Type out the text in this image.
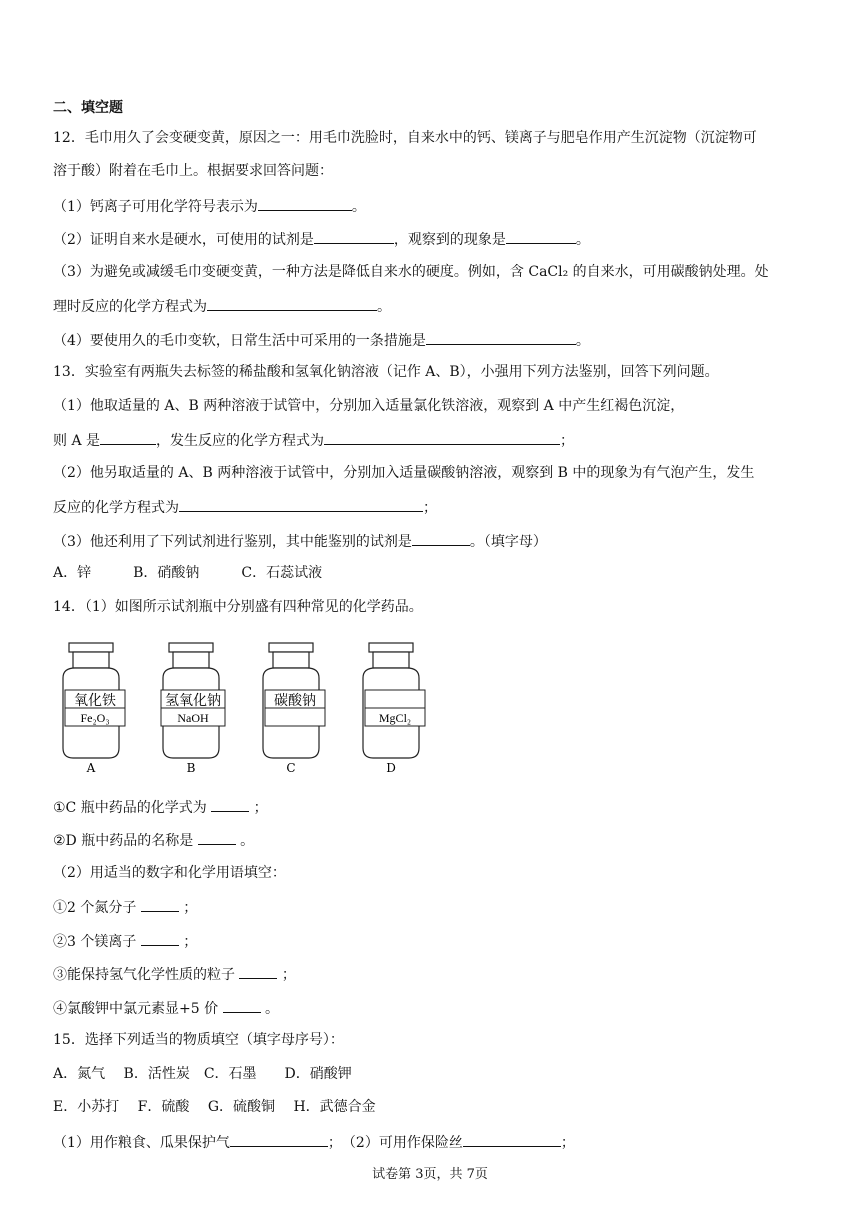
二、填空题
12．毛巾用久了会变硬变黄，原因之一：用毛巾洗脸时，自来水中的钙、镁离子与肥皂作用产生沉淀物（沉淀物可
溶于酸）附着在毛巾上。根据要求回答问题：
（1）钙离子可用化学符号表示为	。
（2）证明自来水是硬水，可使用的试剂是	，观察到的现象是	。
（3）为避免或减缓毛巾变硬变黄，一种方法是降低自来水的硬度。例如，含 CaCl₂ 的自来水，可用碳酸钠处理。处
理时反应的化学方程式为	。
（4）要使用久的毛巾变软，日常生活中可采用的一条措施是	。
13．实验室有两瓶失去标签的稀盐酸和氢氧化钠溶液（记作 A、B），小强用下列方法鉴别，回答下列问题。
（1）他取适量的 A、B 两种溶液于试管中，分别加入适量氯化铁溶液，观察到 A 中产生红褐色沉淀，
则 A 是	，发生反应的化学方程式为	；
（2）他另取适量的 A、B 两种溶液于试管中，分别加入适量碳酸钠溶液，观察到 B 中的现象为有气泡产生，发生
反应的化学方程式为	；
（3）他还利用了下列试剂进行鉴别，其中能鉴别的试剂是	。（填字母）
A．锌　　　B．硝酸钠　　　C．石蕊试液
14．（1）如图所示试剂瓶中分别盛有四种常见的化学药品。
氧化铁
Fe₂O₃
A
氢氧化钠
NaOH
B
碳酸钠
C
MgCl₂
D
①C 瓶中药品的化学式为	；
②D 瓶中药品的名称是	。
（2）用适当的数字和化学用语填空：
①2 个氮分子	；
②3 个镁离子	；
③能保持氢气化学性质的粒子	；
④氯酸钾中氯元素显+5 价	。
15．选择下列适当的物质填空（填字母序号）：
A．氮气　 B．活性炭　C．石墨　　D．硝酸钾
E．小苏打　 F．硫酸　 G．硫酸铜　 H．武德合金
（1）用作粮食、瓜果保护气	；　（2）可用作保险丝	；
试卷第 3页，共 7页
